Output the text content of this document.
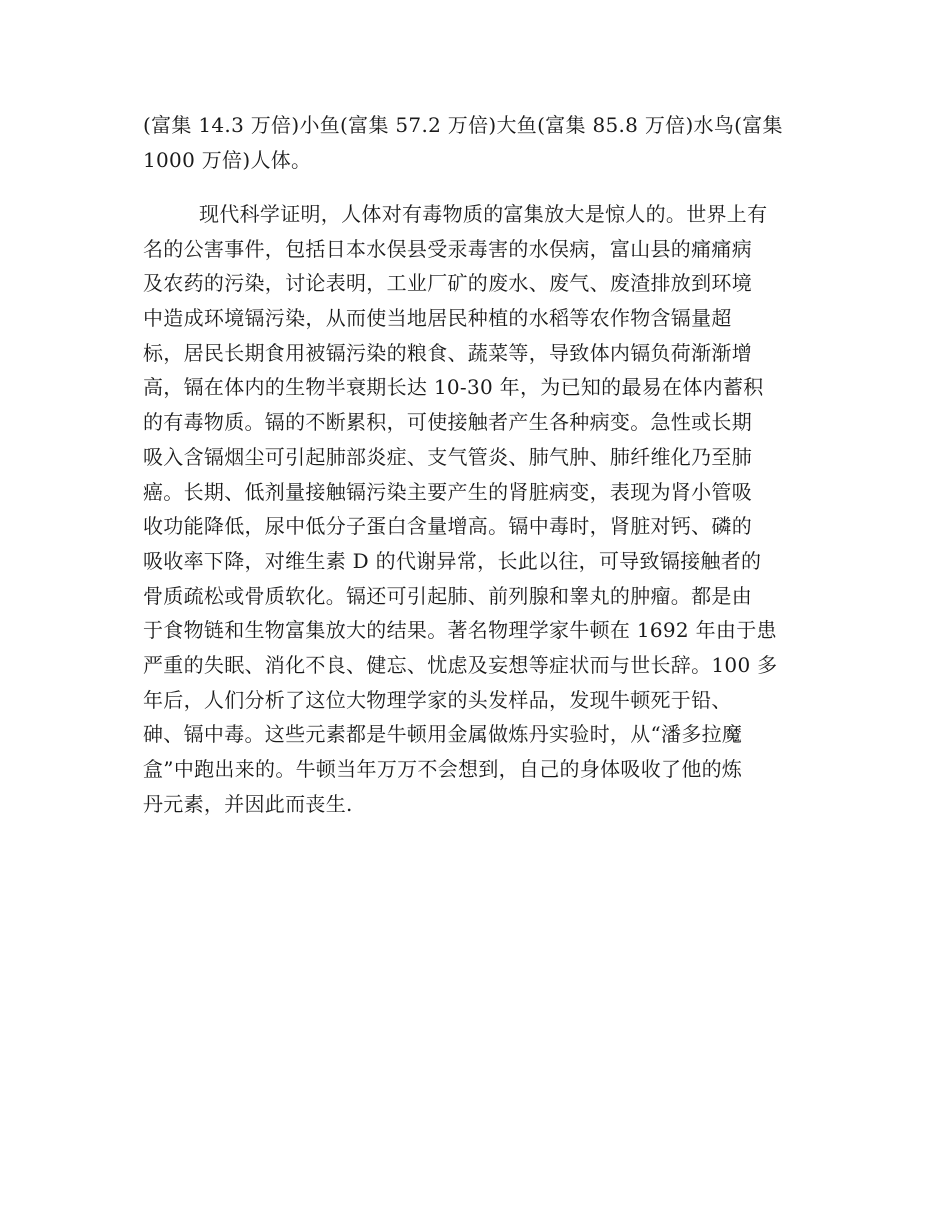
(富集 14.3 万倍)小鱼(富集 57.2 万倍)大鱼(富集 85.8 万倍)水鸟(富集
1000 万倍)人体。
现代科学证明，人体对有毒物质的富集放大是惊人的。世界上有
名的公害事件，包括日本水俣县受汞毒害的水俣病，富山县的痛痛病
及农药的污染，讨论表明，工业厂矿的废水、废气、废渣排放到环境
中造成环境镉污染，从而使当地居民种植的水稻等农作物含镉量超
标，居民长期食用被镉污染的粮食、蔬菜等，导致体内镉负荷渐渐增
高，镉在体内的生物半衰期长达 10-30 年，为已知的最易在体内蓄积
的有毒物质。镉的不断累积，可使接触者产生各种病变。急性或长期
吸入含镉烟尘可引起肺部炎症、支气管炎、肺气肿、肺纤维化乃至肺
癌。长期、低剂量接触镉污染主要产生的肾脏病变，表现为肾小管吸
收功能降低，尿中低分子蛋白含量增高。镉中毒时，肾脏对钙、磷的
吸收率下降，对维生素 D 的代谢异常，长此以往，可导致镉接触者的
骨质疏松或骨质软化。镉还可引起肺、前列腺和睾丸的肿瘤。都是由
于食物链和生物富集放大的结果。著名物理学家牛顿在 1692 年由于患
严重的失眠、消化不良、健忘、忧虑及妄想等症状而与世长辞。100 多
年后，人们分析了这位大物理学家的头发样品，发现牛顿死于铅、
砷、镉中毒。这些元素都是牛顿用金属做炼丹实验时，从“潘多拉魔
盒”中跑出来的。牛顿当年万万不会想到，自己的身体吸收了他的炼
丹元素，并因此而丧生.
